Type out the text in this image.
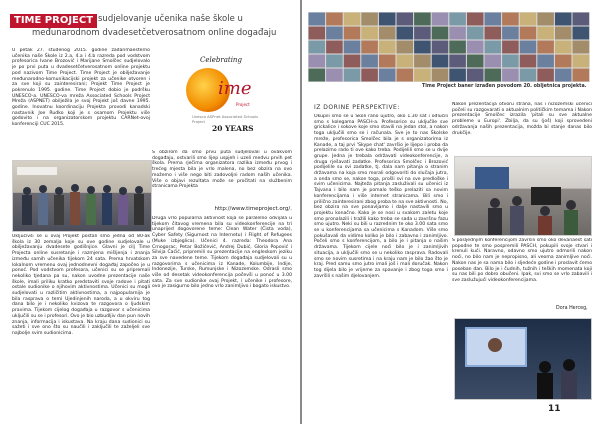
TIME PROJECT sudjelovanje učenika naše škole u
međunarodnom dvadesetčetverosatnom online događaju
U petak 27. studenog 2015. godine zadanmaesterno učenika naše Škole iz 2.a, 4.a i 4.b razreda pod vodstvom profesorica Ivane Brozović i Marijane Smolčec sudjelovalo je po prvi puta u dvadesetčetverosatnom online projektu pod nazivom Time Project. Time Project je obilježavanje međunarodno-komunikacijski projekt za učenike otvoren i za sve koji su zainteresirani; Projekt Time Project je pokrenulo 1995. godine. Time Project dobio je podršku UNESCO-a. UNESCO-va mreža Associated Schools Project Mreža (ASPNET) obilježila je svoj Projekt još davne 1995. godine. Inovatnu koordinaciju Projekta provodi kanadski nastavnik Joe Rudko koji je s osamom Projektu više godovito i na organizatorskom projektu CARNet-ovoj konferenciji CUC 2015.
Uključivši se u ovaj Projekt postali smo jedna od 80-ak škola iz 30 zemalja koje su ove godine sudjelovale u obilježavanju dvadesete godišnjice. Glavni je cilj Time Projecta online susretanje i razmjena mišljenja i znanja između samih učenika tijekom 24 sata. Prema hrvatskom lokalnom vremenu ovaj jednodnevni događaj započeo je u ponoć. Pod vodstvom profesora, učenici su se pripremali nekoliko tjedana pa su, nakon uvodne prezentacije naše škole, imali priliku kratko predstaviti svoje radove i pitati ostale sudionike o njihovim aktivnostima. Učenici su mogli sudjelovati u različitim aktivnostima, a najpopularnija je bila rasprava o temi Ujedinjenih naroda, a u okviru tog dana bilo je i nekoliko kvizova te razgovora o ljudskim pravima. Tijekom cijelog događaja u razgovor s učenicima uključili su se i profesori. Ovo je bio uzbudljiv dan pun novih znanja, informacija i iskustava. Na kraju dana sudionici su sažeti i sve ono što su naučili i zaključili te zaželjeli sve najbolje svim sudionicima.
Celebrating
ime
Project
Unesco ASPnet Associated Schools Project
20 YEARS
S obzirom da smo prvu puta sudjelovali u ovakvom događaju, ostvarili smo lijep uspjeh i uzeli medvu prvih pet škola. Prema rječima organizatora razlika između prvog i trećeg mjesta bila je vrlo malena, no bez obzira na ovo možemo i više nego biti zadovoljni radom naših učenika. Više o objavi rezultata može se pročitati na službenim stranicama Projekta
http://www.timeproject.org/.
Druga vrlo popularna aktivnost koja se paralelno odvijala u tijekom čitavog vremena bila su videokonferencije na tri unaprijed dogovorene teme: Clean Water (Čista voda), Cyber Safety (Sigurnost na Internetu) i Flight of Refugees (Muke izbjeglica). Učenici 4. razreda: Theodora Ana Crnogorac, Petar Božićević, Andrej Dubić, Gloria Popović i Silvija Čaćić, pripremili su prezentacije na engleskom jeziku za sve navedene teme. Tijekom događaja sudjelovali su u razgovorima s učenicima iz Kanade, Kolumbije, Indije, Indonezije, Turske, Rumunjske i Nizozemske. Odrasli smo više od desetak videokonferencija počevši u ponoć u 3.00 sata. Za sve sudionike ovaj Projekt, i učenike i profesore, ovo je zasigurno bilo jedno vrlo zanimljivo i bogato iskustvo.
Time Project baner izrađen povodom 20. obljetnica projekta.
IZ DORINE PERSPEKTIVE:
Okupili smo se u Školi rano ujutro, oko 1.30 sat i odlučili smo s kolegama PASCH-a. Profesorice su uključile sve grickalice i sokove koje smo stavili na jedan stol, a nakon toga uključili smo se i računala. Sve je to nas Školske mreže, profesorica Smolčec bila je s organizatorima iz Kanade, a taj prvi 'Skype chat' završio je lijepo i proba da prelazimo rado ti ove kako treba. Podijelili smo se u dvije grupe. Jedna je trebala održavati videokonferencije, a druga rješavati zadatke. Profesorica Smolčec i Brozović podijelile su svi zadatke, tj. dala nam pitanja o stranim državama na koja smo morali odgovoriti do slučaja jutra, a onda smo se, nakon toga, prošli svi na sve predloške i svim učenicima. Najteža pitanja zasluživali su učenici iz Tajvana i bilo nam je pomalo teško prelaziti sa novim konferencijama i više internet stranicama. Bili smo i prilično zainteresirani zbog proba te na sve aktivnosti. No, bez obzira na sve ponavljamo i dalje nastavili smo u projektu konačno. Kako je se nosi u svakom zaletu koje smo pronalazili i tražili kako treba se sada u završnu fazu smo ujutro. Neki su bili u razrednim te oko 3.00 sata smo se u konferencijama sa učenicima s Kanadom. Više smo pokušavali da vidimo koliko je bilo i zabavno i zanimljivo. Počeli smo s konferencijom, a bilo je i pitanja o našim državama. Tijekom cijele noći bilo je i zanimljivih situacija, a uključili smo se u nekoliko rasprava. Radovali smo se novim susretima i na kraju nam je bilo žao što je kraj. Pred samu smo jutro imali još i mali doručak. Nakon tog dijela bilo je vrijeme za spavanje i zbog toga smo i završili s našim djelovanjem.
Nakon prezentacija otvoru strana, nas i nizozemski učenici počeli su razgovarati o aktualnim političkim temama i Nakon prezentacije Smolčec izrazila 'pitali su sve aktualne probleme u Europi'. Zbilja, da su (još) koji sprovedeni održavanja naših prezentacija, možda bi stanje danas bilo drukčije.
S posljednjim konferencijom završili smo oko devanaest sati popodne te smo pospremili PASCH, pokupili svoje stvari i krenuli kući. Naravno, odavno smo ujutro odmorili nakon noći, no bilo nam je nepropisno, ali veoma zanimljive noći. Nakon nas je sa nama bilo i sljedeće godine i proslavit ćemo poseban dan. Bilo je i čudnih, tužnih i teških momenata koji su nas bili po dobro obučeni. Ipak, svi smo se vrlo zabavili i sve zaslužujući videokonferencijama.
Dora Herceg,
11
